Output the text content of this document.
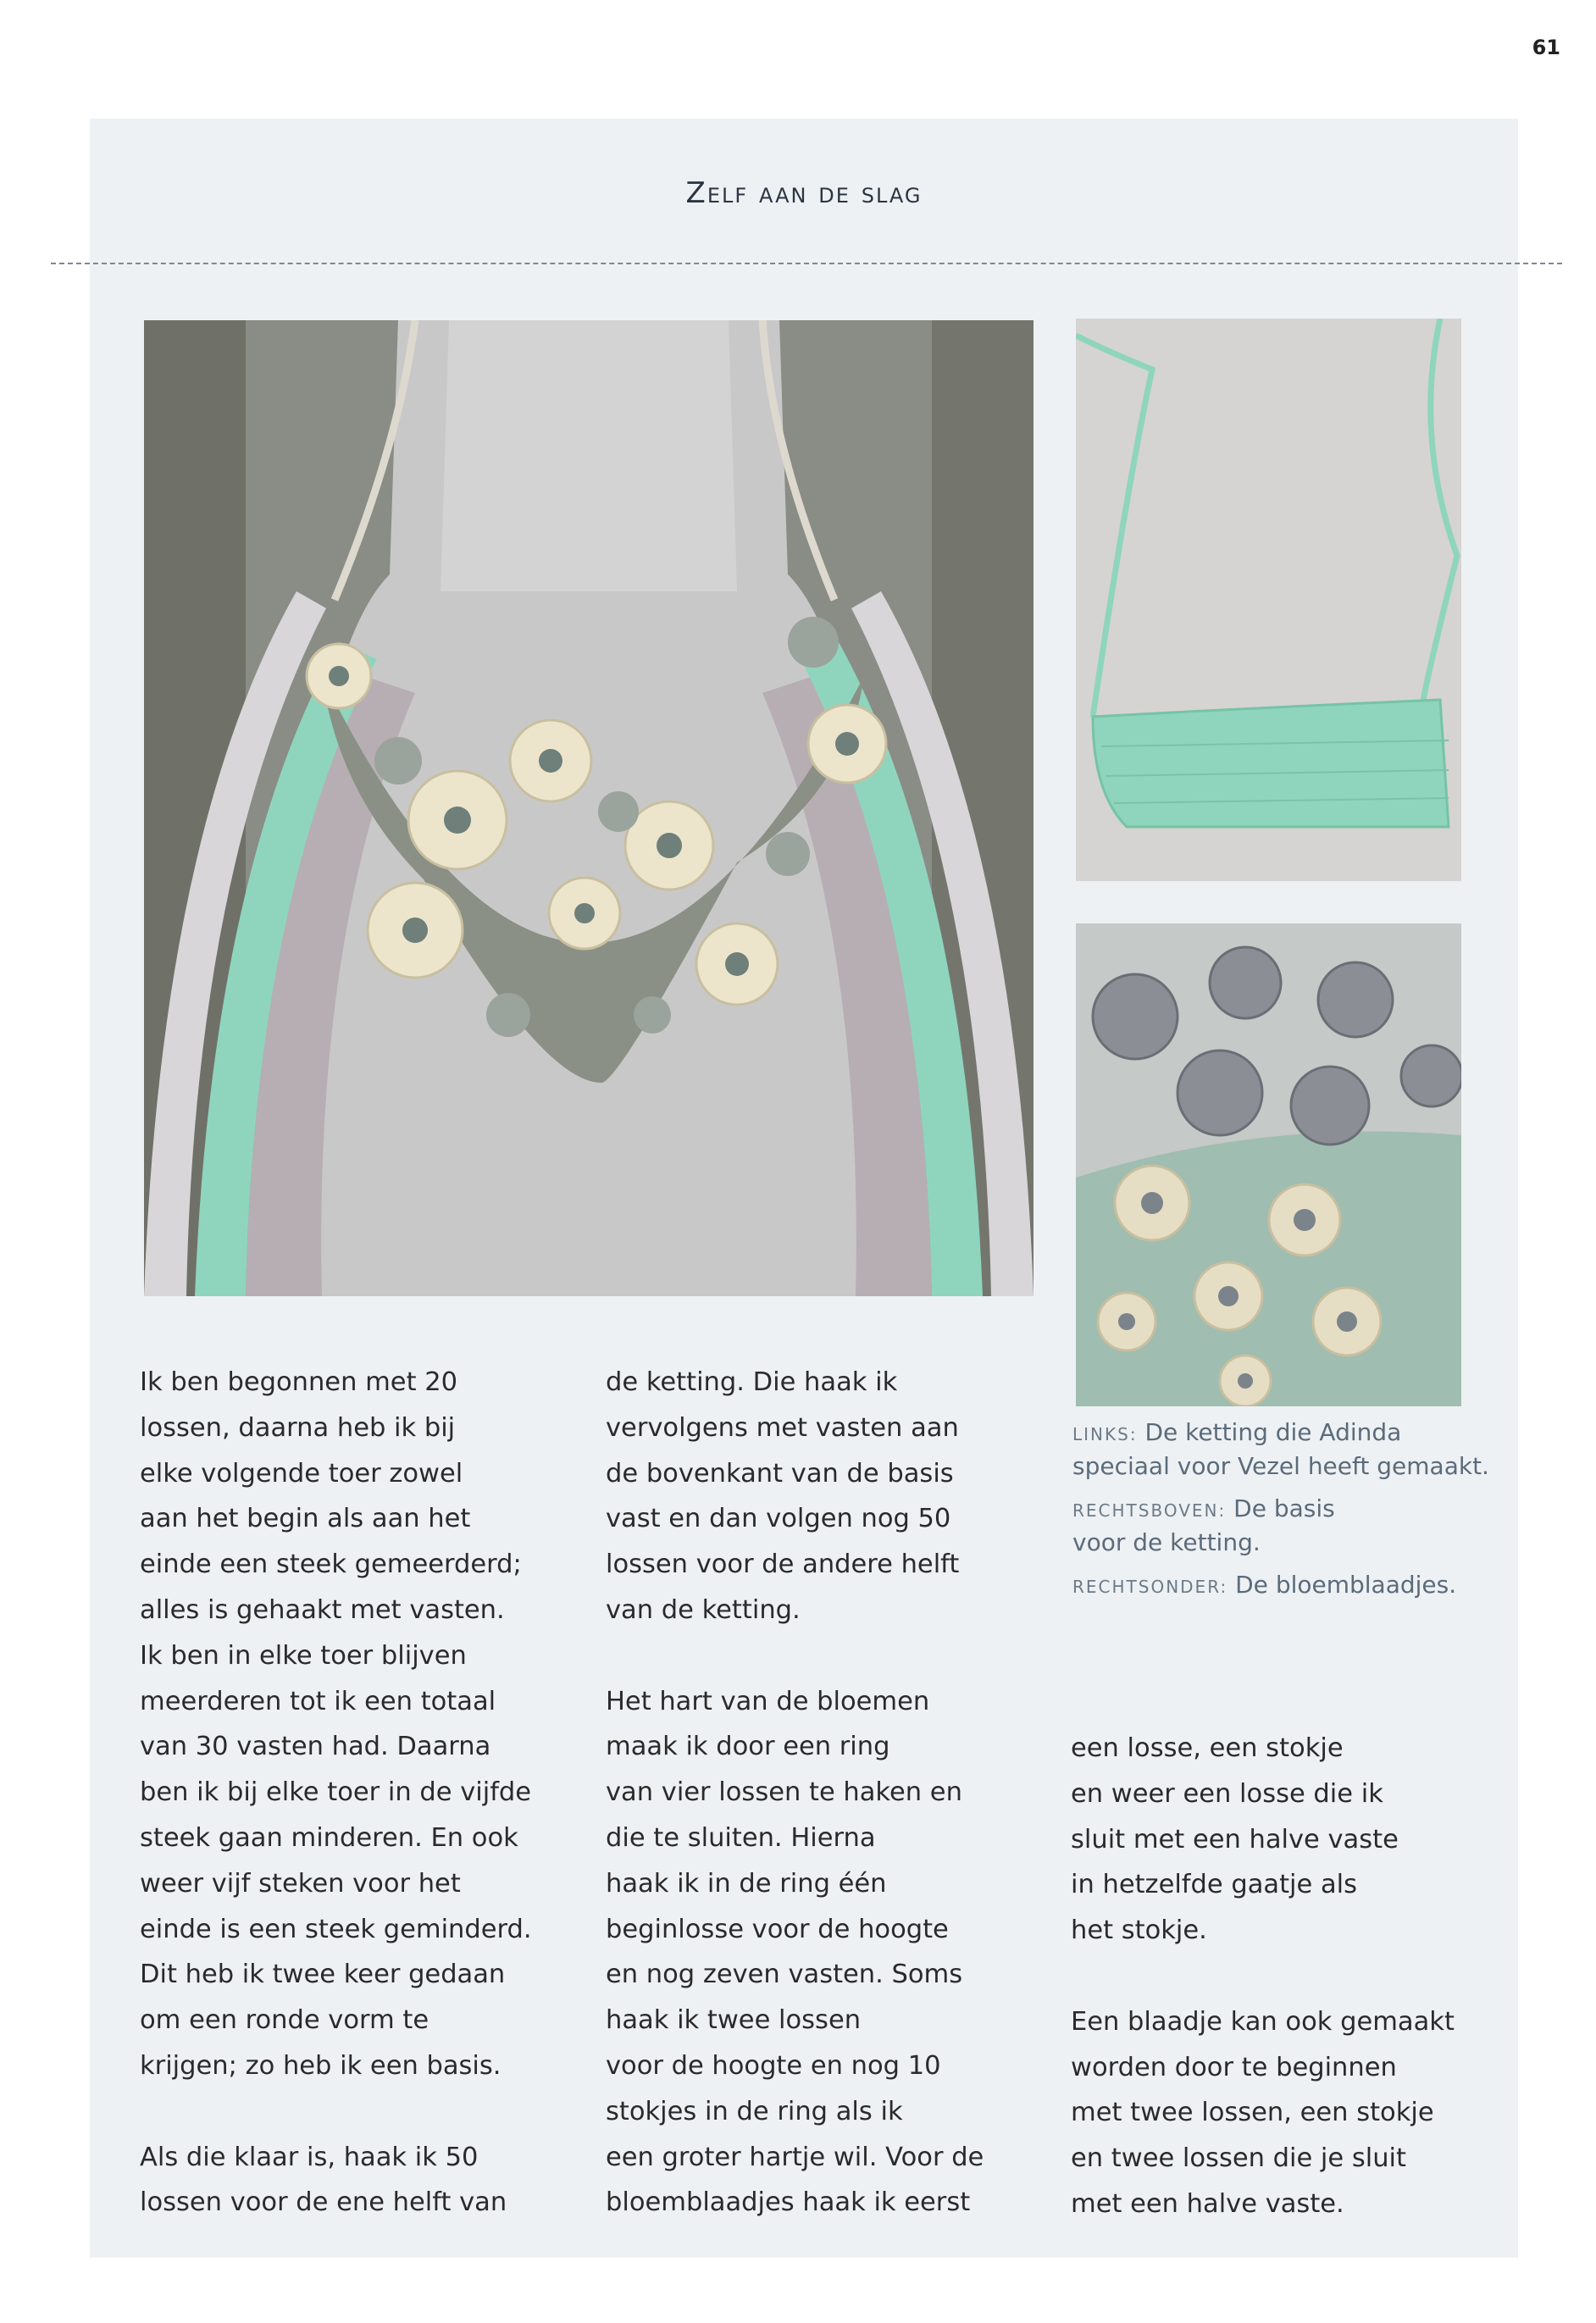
61
Zelf aan de slag
LINKS: De ketting die Adinda
speciaal voor Vezel heeft gemaakt.
RECHTSBOVEN: De basis
voor de ketting.
RECHTSONDER: De bloemblaadjes.

Ik ben begonnen met 20

lossen, daarna heb ik bij

elke volgende toer zowel

aan het begin als aan het

einde een steek gemeerderd;

alles is gehaakt met vasten.

Ik ben in elke toer blijven

meerderen tot ik een totaal

van 30 vasten had. Daarna

ben ik bij elke toer in de vijfde

steek gaan minderen. En ook

weer vijf steken voor het

einde is een steek geminderd.

Dit heb ik twee keer gedaan

om een ronde vorm te

krijgen; zo heb ik een basis.

Als die klaar is, haak ik 50

lossen voor de ene helft van

de ketting. Die haak ik

vervolgens met vasten aan

de bovenkant van de basis

vast en dan volgen nog 50

lossen voor de andere helft

van de ketting.

Het hart van de bloemen

maak ik door een ring

van vier lossen te haken en

die te sluiten. Hierna

haak ik in de ring één

beginlosse voor de hoogte

en nog zeven vasten. Soms

haak ik twee lossen

voor de hoogte en nog 10

stokjes in de ring als ik

een groter hartje wil. Voor de

bloemblaadjes haak ik eerst

een losse, een stokje

en weer een losse die ik

sluit met een halve vaste

in hetzelfde gaatje als

het stokje.

Een blaadje kan ook gemaakt

worden door te beginnen

met twee lossen, een stokje

en twee lossen die je sluit

met een halve vaste.
